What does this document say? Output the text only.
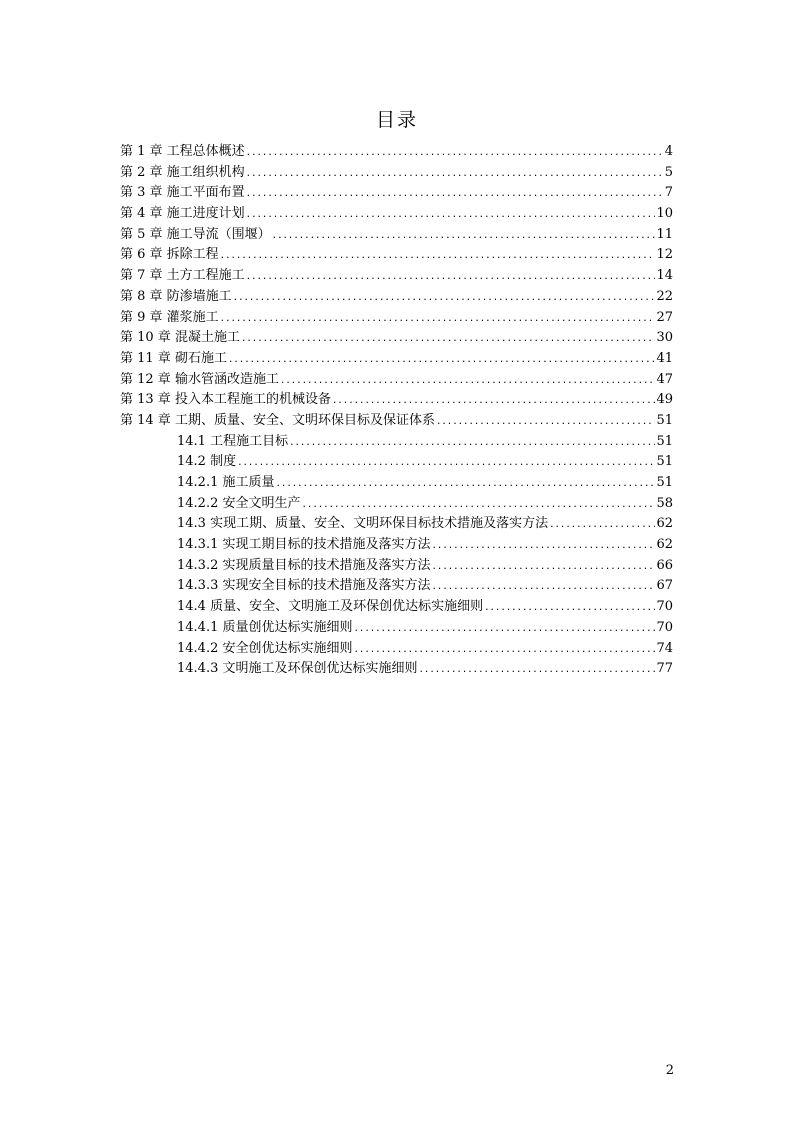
目录
第 1 章 工程总体概述 .....	4
第 2 章 施工组织机构 .....	5
第 3 章 施工平面布置 .....	7
第 4 章 施工进度计划 .....	10
第 5 章 施工导流（围堰） .....	11
第 6 章 拆除工程 .....	12
第 7 章 土方工程施工 .....	14
第 8 章 防渗墙施工 .....	22
第 9 章 灌浆施工 .....	27
第 10 章 混凝土施工 .....	30
第 11 章 砌石施工 .....	41
第 12 章 输水管涵改造施工 .....	47
第 13 章 投入本工程施工的机械设备 .....	49
第 14 章 工期、质量、安全、文明环保目标及保证体系 .....	51
14.1 工程施工目标 .....	51
14.2 制度 .....	51
14.2.1 施工质量 .....	51
14.2.2 安全文明生产 .....	58
14.3 实现工期、质量、安全、文明环保目标技术措施及落实方法 .....	62
14.3.1 实现工期目标的技术措施及落实方法 .....	62
14.3.2 实现质量目标的技术措施及落实方法 .....	66
14.3.3 实现安全目标的技术措施及落实方法 .....	67
14.4 质量、安全、文明施工及环保创优达标实施细则 .....	70
14.4.1 质量创优达标实施细则 .....	70
14.4.2 安全创优达标实施细则 .....	74
14.4.3 文明施工及环保创优达标实施细则 .....	77
2
